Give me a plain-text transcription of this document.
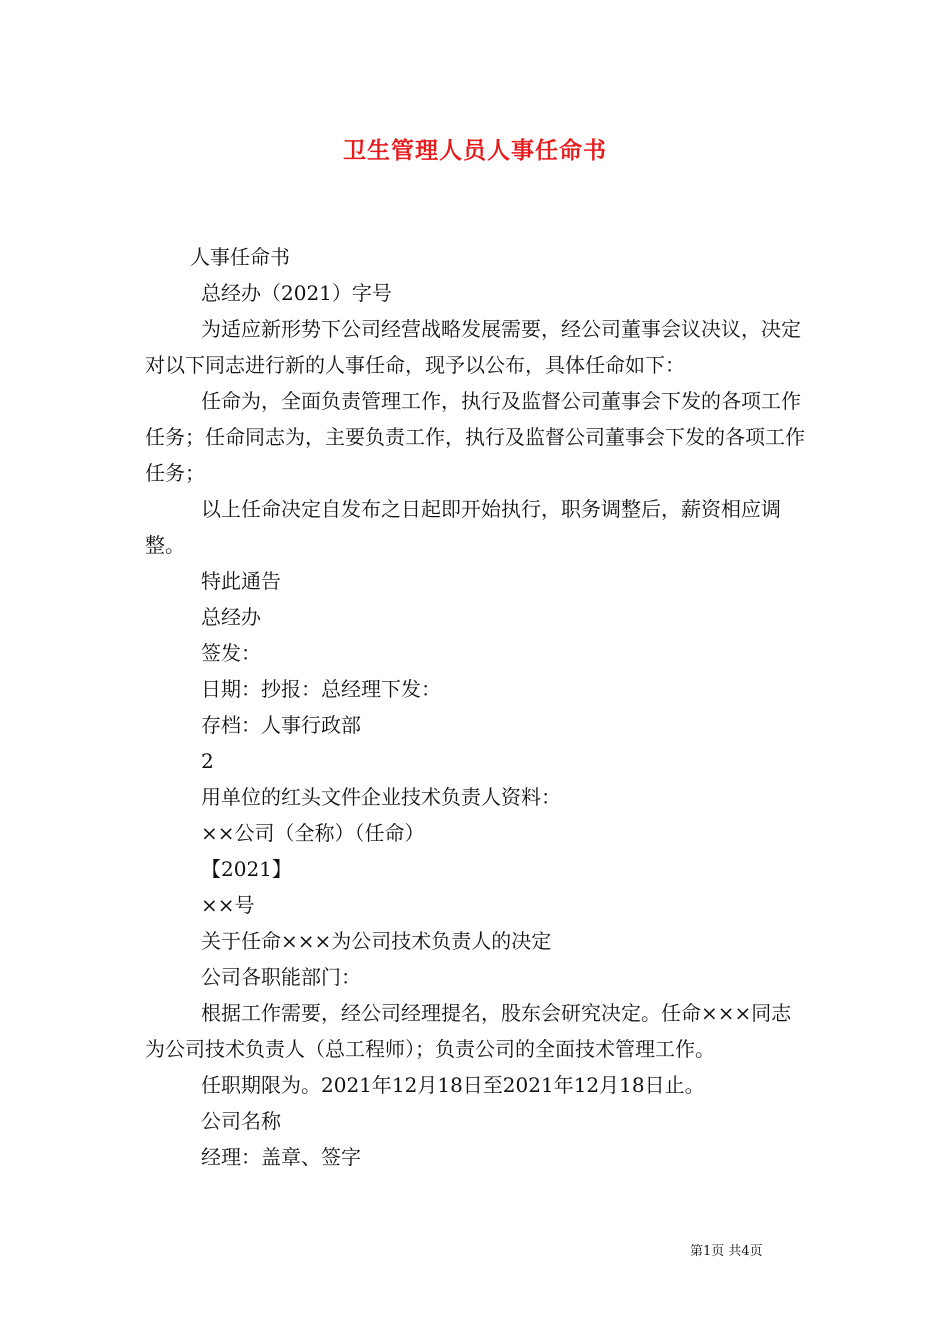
卫生管理人员人事任命书

人事任命书

总经办（2021）字号

为适应新形势下公司经营战略发展需要，经公司董事会议决议，决定对以下同志进行新的人事任命，现予以公布，具体任命如下：

任命为，全面负责管理工作，执行及监督公司董事会下发的各项工作任务；任命同志为，主要负责工作，执行及监督公司董事会下发的各项工作任务；

以上任命决定自发布之日起即开始执行，职务调整后，薪资相应调整。

特此通告

总经办

签发：

日期：抄报：总经理下发：

存档：人事行政部

2

用单位的红头文件企业技术负责人资料：

××公司（全称）（任命）

【2021】

××号

关于任命×××为公司技术负责人的决定

公司各职能部门：

根据工作需要，经公司经理提名，股东会研究决定。任命×××同志为公司技术负责人（总工程师）；负责公司的全面技术管理工作。

任职期限为。2021年12月18日至2021年12月18日止。

公司名称

经理：盖章、签字

第1页 共4页
